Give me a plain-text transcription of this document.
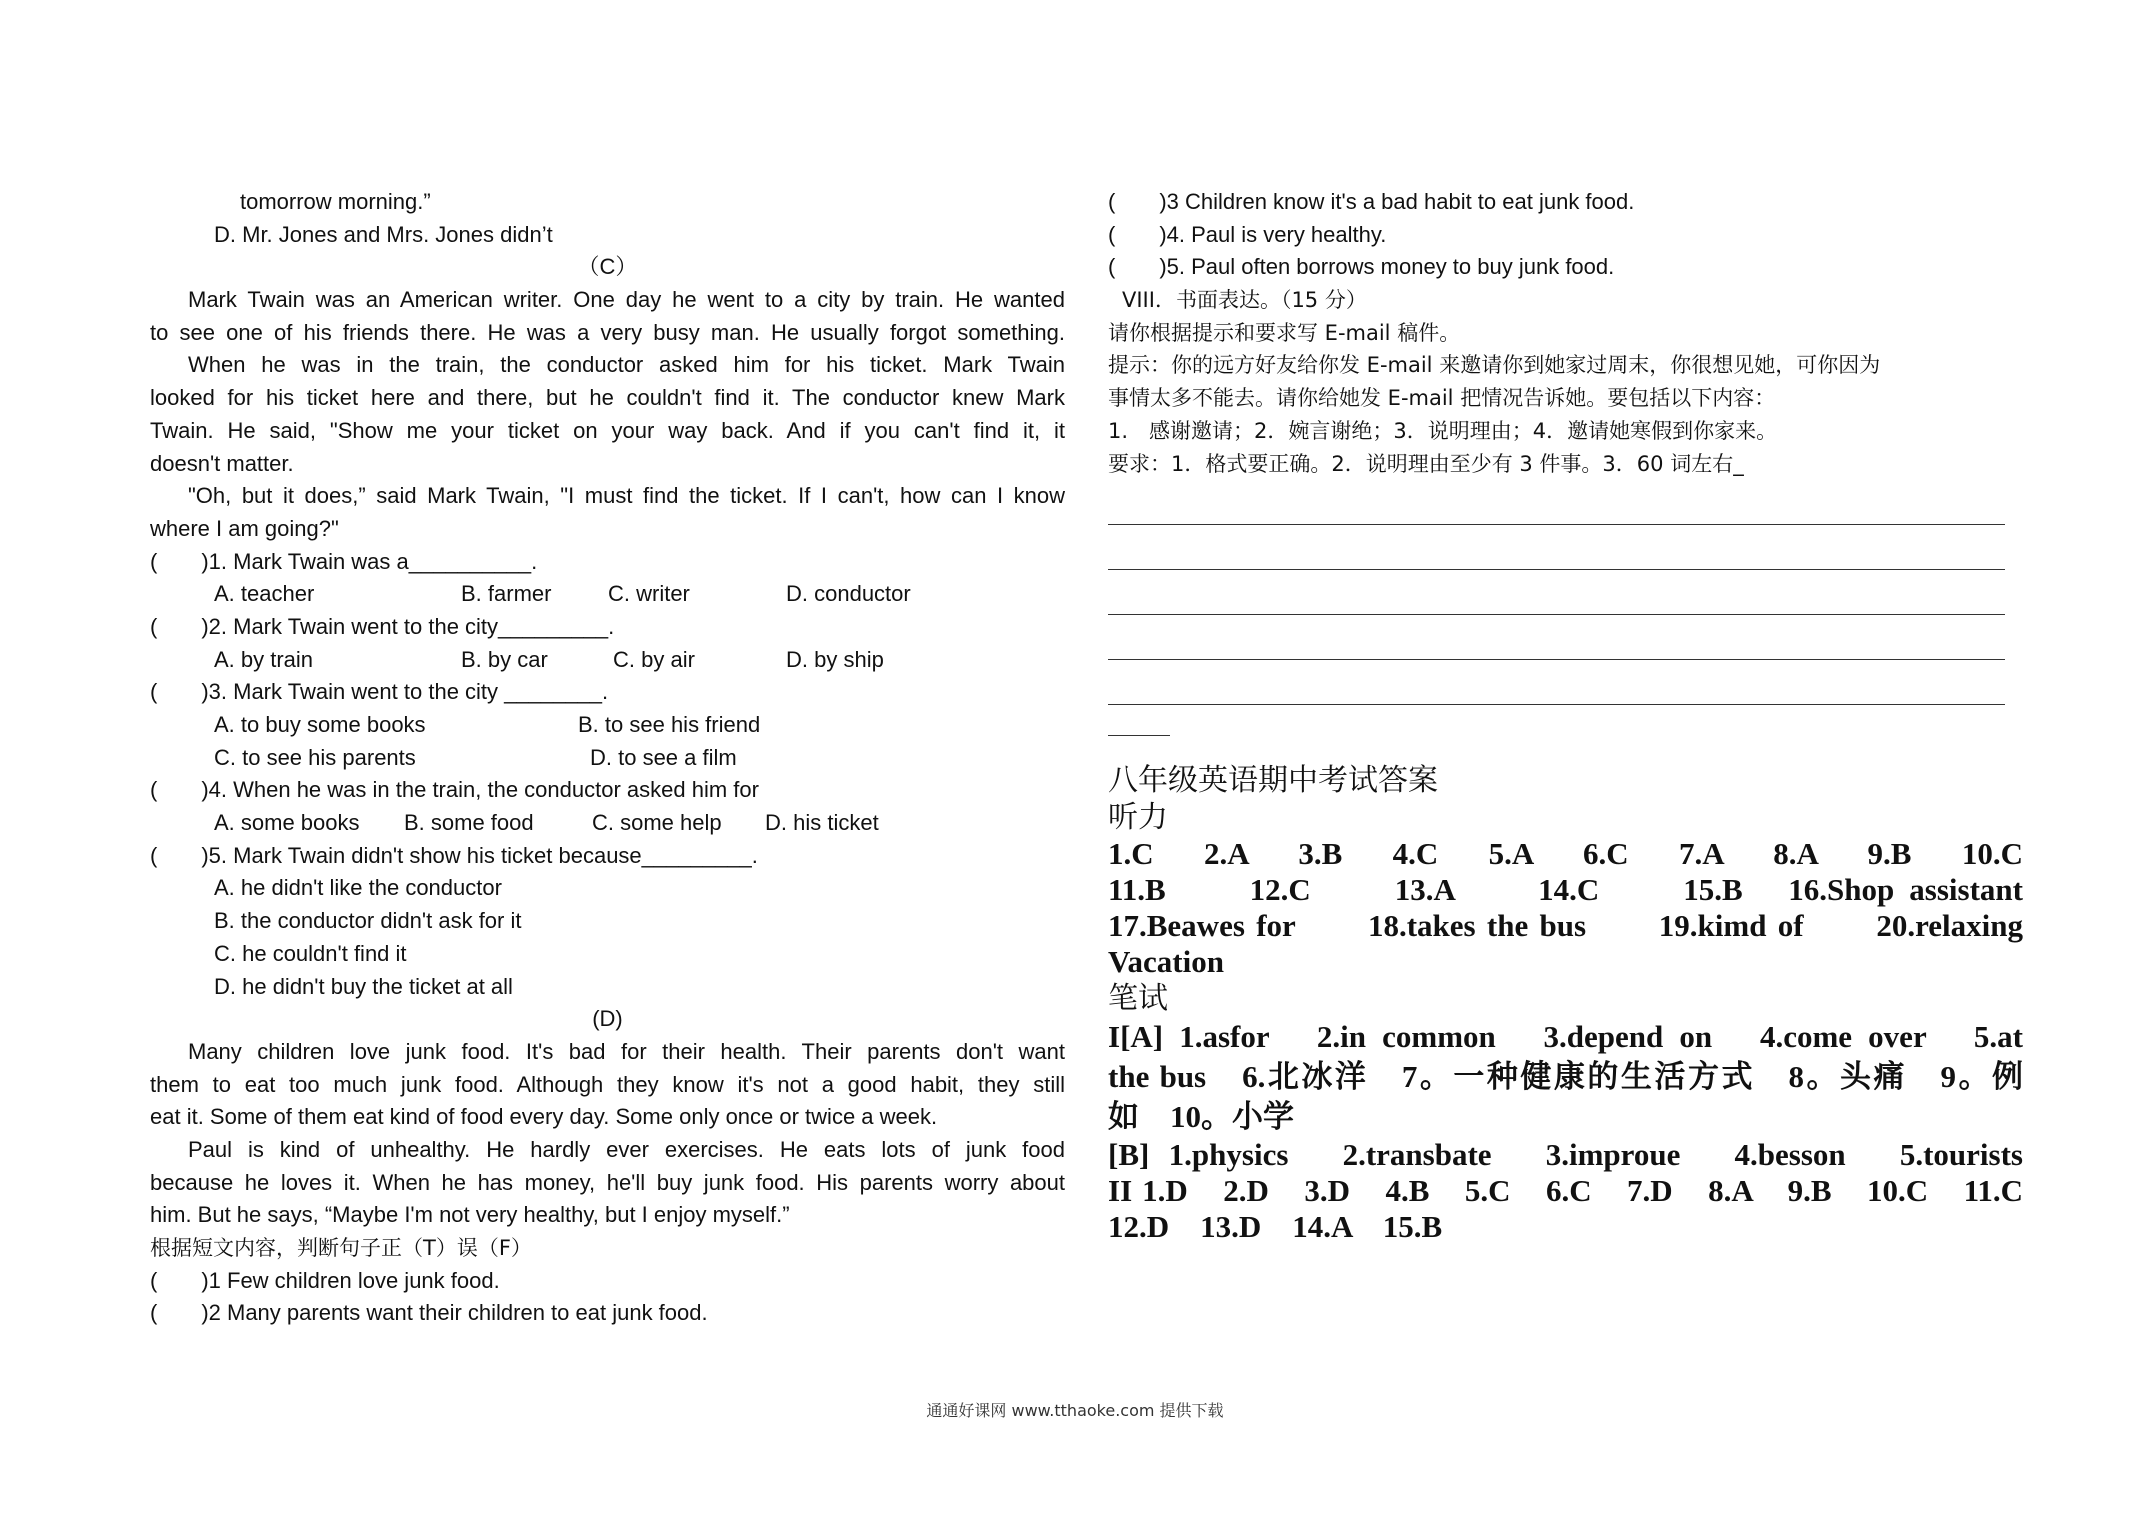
tomorrow morning.”
D. Mr. Jones and Mrs. Jones didn’t
（C）
Mark Twain was an American writer. One day he went to a city by train. He wanted
to see one of his friends there. He was a very busy man. He usually forgot something.
When he was in the train, the conductor asked him for his ticket. Mark Twain
looked for his ticket here and there, but he couldn't find it. The conductor knew Mark
Twain. He said, "Show me your ticket on your way back. And if you can't find it, it
doesn't matter.
"Oh, but it does,” said Mark Twain, "I must find the ticket. If I can't, how can I know
where I am going?"
(　　)1. Mark Twain was a__________.
A. teacher	B. farmer	C. writer	D. conductor
(　　)2. Mark Twain went to the city_________.
A. by train	B. by car	C. by air	D. by ship
(　　)3. Mark Twain went to the city ________.
A. to buy some books	B. to see his friend
C. to see his parents	D. to see a film
(　　)4. When he was in the train, the conductor asked him for
A. some books B. some food	C. some help D. his ticket
(　　)5. Mark Twain didn't show his ticket because_________.
A. he didn't like the conductor
B. the conductor didn't ask for it
C. he couldn't find it
D. he didn't buy the ticket at all
(D)
Many children love junk food. It's bad for their health. Their parents don't want
them to eat too much junk food. Although they know it's not a good habit, they still
eat it. Some of them eat kind of food every day. Some only once or twice a week.
Paul is kind of unhealthy. He hardly ever exercises. He eats lots of junk food
because he loves it. When he has money, he'll buy junk food. His parents worry about
him. But he says, “Maybe I'm not very healthy, but I enjoy myself.”
根据短文内容，判断句子正（T）误（F）
(　　)1 Few children love junk food.
(　　)2 Many parents want their children to eat junk food.
(　　)3 Children know it's a bad habit to eat junk food.
(　　)4. Paul is very healthy.
(　　)5. Paul often borrows money to buy junk food.
VIII．书面表达。（15 分）
请你根据提示和要求写 E-mail 稿件。
提示：你的远方好友给你发 E-mail 来邀请你到她家过周末，你很想见她，可你因为
事情太多不能去。请你给她发 E-mail 把情况告诉她。要包括以下内容：
1.　感谢邀请；2．婉言谢绝；3．说明理由；4．邀请她寒假到你家来。
要求：1．格式要正确。2．说明理由至少有 3 件事。3．60 词左右_
八年级英语期中考试答案
听力
1.C　2.A　3.B　4.C　5.A　6.C　7.A　8.A　9.B　10.C
11.B　　12.C　　13.A　　14.C　　15.B　16.Shop assistant
17.Beawes for　　18.takes the bus　　19.kimd of　　20.relaxing
Vacation
笔试
I[A] 1.asfor　2.in common　3.depend on　4.come over　5.at
the bus　6.北冰洋　7。一种健康的生活方式　8。头痛　9。例
如　10。小学
[B] 1.physics　2.transbate　3.improue　4.besson　5.tourists
II 1.D　2.D　3.D　4.B　5.C　6.C　7.D　8.A　9.B　10.C　11.C
12.D　13.D　14.A　15.B
通通好课网 www.tthaoke.com 提供下载
